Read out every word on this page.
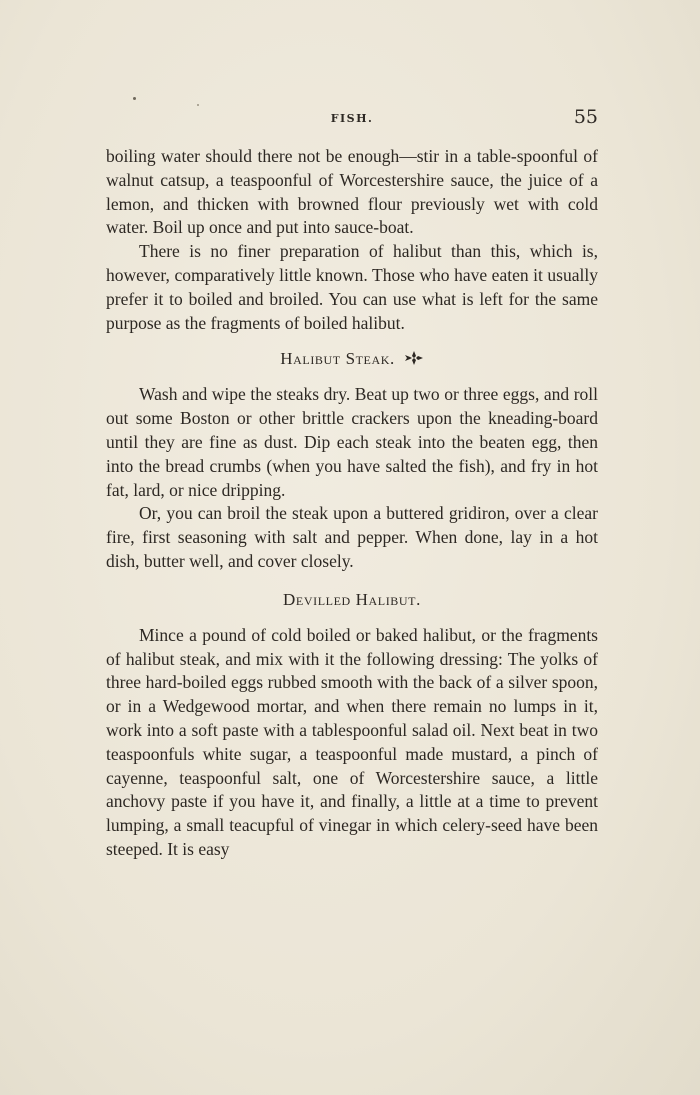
FISH.	55

boiling water should there not be enough—stir in a table-spoonful of walnut catsup, a teaspoonful of Worcestershire sauce, the juice of a lemon, and thicken with browned flour previously wet with cold water. Boil up once and put into sauce-boat.

There is no finer preparation of halibut than this, which is, however, comparatively little known. Those who have eaten it usually prefer it to boiled and broiled. You can use what is left for the same purpose as the fragments of boiled halibut.

Halibut Steak.

Wash and wipe the steaks dry. Beat up two or three eggs, and roll out some Boston or other brittle crackers upon the kneading-board until they are fine as dust. Dip each steak into the beaten egg, then into the bread crumbs (when you have salted the fish), and fry in hot fat, lard, or nice dripping.

Or, you can broil the steak upon a buttered gridiron, over a clear fire, first seasoning with salt and pepper. When done, lay in a hot dish, butter well, and cover closely.

Devilled Halibut.

Mince a pound of cold boiled or baked halibut, or the fragments of halibut steak, and mix with it the following dressing: The yolks of three hard-boiled eggs rubbed smooth with the back of a silver spoon, or in a Wedgewood mortar, and when there remain no lumps in it, work into a soft paste with a tablespoonful salad oil. Next beat in two teaspoonfuls white sugar, a teaspoonful made mustard, a pinch of cayenne, teaspoonful salt, one of Worcestershire sauce, a little anchovy paste if you have it, and finally, a little at a time to prevent lumping, a small teacupful of vinegar in which celery-seed have been steeped. It is easy
